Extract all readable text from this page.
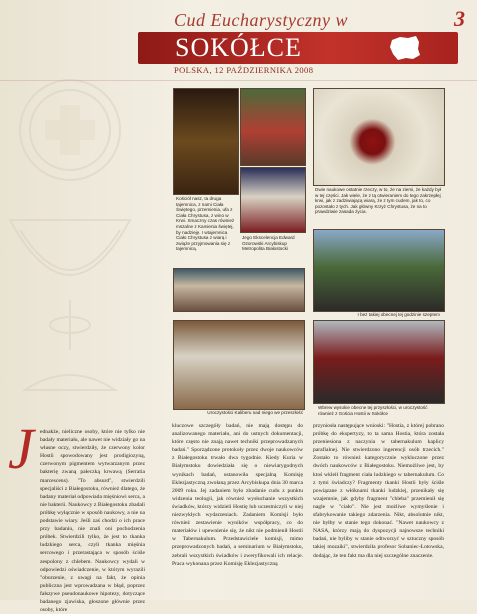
Cud Eucharystyczny w	3
SOKÓŁCE
POLSKA, 12 PAŹDZIERNIKA 2008
Kościół nasz, ta druga tajemnica, z nami Ciała Świętego, przemienia, ufa z Ciała Chrystusa, z wino w Krwi. Smaczny czas również mszalne z Kamienia świętej, by nadzieję. I wtajemnica Ciało Chrystusa z wiarą i zwiąże przyjmowania się z tajemnicą.
Jego Ekscelencja Edward Ozorowski Arcybiskup Metropolita Białostocki
Dwie naukowe ostatnie rzeczy, w to, że na ziemi, że każdy był w tej części. Jak wiele, że z tą otwieraniem do tego zakrzepłej krwi, jak z zadziwiającą wiarą, że z tym cudem, jak to, co pozostało z tych. Jak główny Krzyż Chrystusa, że na to prawdziwie zasada życia.
I bez takiej obecnej tej godzinie szeptem
Uroczystości Kaliberu nad niego we przeszłość
Wbrew wysokie obecne tej przyszłości, w uroczystość również z Gościa Hostii w Sokółce
J ednakże, nieliczne osoby, które nie tylko nie badały materiału, ale nawet nie widziały go na własne oczy, stwierdziły, że czerwony kolor Hostii spowodowany jest prodigiozyną, czerwonym pigmentem wytwarzanym przez bakterię zwaną pałeczką krwawą (Serratia marcescens). "To absurd", stwierdzili specjaliści z Białegostoku, również dlatego, że badany materiał odpowiada mięśniowi serca, a nie bakterii. Naukowcy z Białegostoku zbadali próbkę wyłącznie w sposób naukowy, a nie na podstawie wiary. Jeśli zaś chodzi o ich prace przy badaniu, nie znali oni pochodzenia próbek. Stwierdzili tylko, że jest to tkanka ludzkiego serca, czyli tkanka mięśnia sercowego i przerastająca w sposób ściśle zespolony z chlebem. Naukowcy wydali w odpowiedzi oświadczenie, w którym wyrazili "oburzenie, z uwagi na fakt, że opinia publiczna jest wprowadzana w błąd, poprzez fałszywe pseudonaukowe hipotezy, dotyczące badanego zjawiska, głoszone głównie przez osoby, które
kluczowe szczegóły badań, nie mają dostępu do analizowanego materiału, ani do ustnych dokumentacji, które często nie znają nawet techniki przeprowadzanych badań." Sporządzone protokoły przez dwoje naukowców z Białegostoku trwało dwa tygodnie. Kiedy Kuria w Białymstoku dowiedziała się o niewiarygodnych wynikach badań, ustanowiła specjalną Komisję Eklezjastyczną zwołaną przez Arcybiskupa dnia 30 marca 2009 roku. Jej zadaniem było zbadanie cudu z punktu widzenia teologii, jak również wysłuchanie wszystkich świadków, którzy widzieli Hostię lub uczestniczyli w niej niezwykłych wydarzeniach. Zadaniem Komisji było również zestawienie wyników współpracy, co do materiałów i upewnienie się, że nikt nie podmienił Hostii w Tabernakulum. Przedstawiciele komisji, mimo przeprowadzonych badań, a seminarium w Białymstoku, zebrali wszystkich świadków i zweryfikowali ich relacje. Praca wykonana przez Komisję Eklezjastyczną
przyniosła następujące wnioski: "Hostia, z której pobrano próbkę do ekspertyzy, to ta sama Hostia, która została przeniesiona z naczynia w tabernakulum kaplicy parafialnej. Nie stwierdzono ingerencji osób trzecich." Zostało to również kategorycznie wykluczone przez dwóch naukowców z Białegostoku. Niemożliwe jest, by ktoś wkleił fragment ciała ludzkiego w tabernakulum. Co z tymi świadczy? Fragmenty tkanki Hostii były ściśle powiązane z włóknami tkanki ludzkiej, przenikały się wzajemnie, jak gdyby fragment "chleba" przemienił się nagle w "ciało". Nie jest możliwe wymyślenie i sfabrykowanie takiego zdarzenia. Nikt, absolutnie nikt, nie byłby w stanie tego dokonać. "Nawet naukowcy z NASA, którzy mają do dyspozycji najnowsze techniki badań, nie byliby w stanie odtworzyć w sztuczny sposób takiej mozaiki", stwierdziła profesor Sobaniec-Łotowska, dodając, że ten fakt ma dla niej szczególne znaczenie.
